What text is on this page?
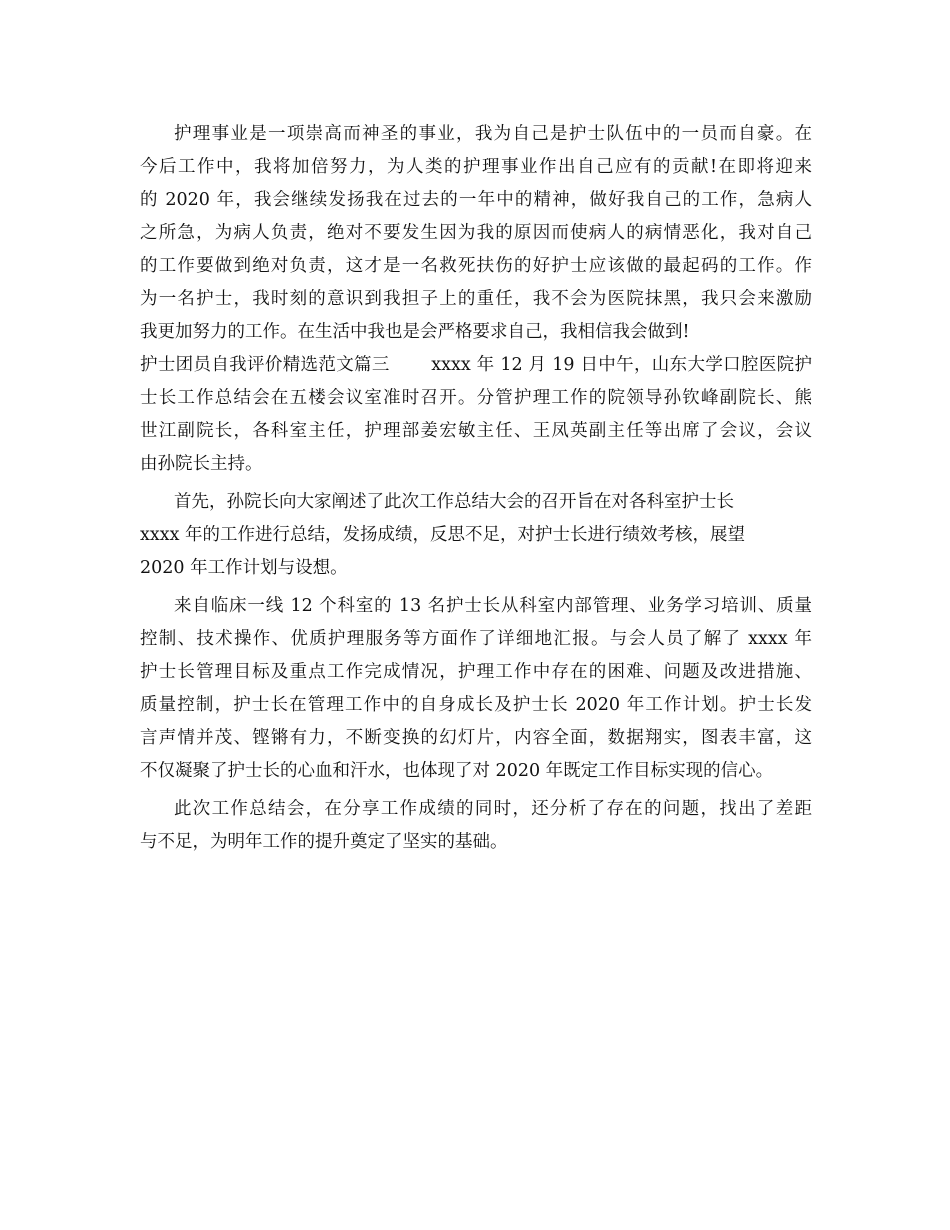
护理事业是一项崇高而神圣的事业，我为自己是护士队伍中的一员而自豪。在
今后工作中，我将加倍努力，为人类的护理事业作出自己应有的贡献!在即将迎来
的 2020 年，我会继续发扬我在过去的一年中的精神，做好我自己的工作，急病人
之所急，为病人负责，绝对不要发生因为我的原因而使病人的病情恶化，我对自己
的工作要做到绝对负责，这才是一名救死扶伤的好护士应该做的最起码的工作。作
为一名护士，我时刻的意识到我担子上的重任，我不会为医院抹黑，我只会来激励
我更加努力的工作。在生活中我也是会严格要求自己，我相信我会做到!
护士团员自我评价精选范文篇三　　 xxxx 年 12 月 19 日中午，山东大学口腔医院护
士长工作总结会在五楼会议室准时召开。分管护理工作的院领导孙钦峰副院长、熊
世江副院长，各科室主任，护理部姜宏敏主任、王凤英副主任等出席了会议，会议
由孙院长主持。
首先，孙院长向大家阐述了此次工作总结大会的召开旨在对各科室护士长
xxxx 年的工作进行总结，发扬成绩，反思不足，对护士长进行绩效考核，展望
2020 年工作计划与设想。
来自临床一线 12 个科室的 13 名护士长从科室内部管理、业务学习培训、质量
控制、技术操作、优质护理服务等方面作了详细地汇报。与会人员了解了 xxxx 年
护士长管理目标及重点工作完成情况，护理工作中存在的困难、问题及改进措施、
质量控制，护士长在管理工作中的自身成长及护士长 2020 年工作计划。护士长发
言声情并茂、铿锵有力，不断变换的幻灯片，内容全面，数据翔实，图表丰富，这
不仅凝聚了护士长的心血和汗水，也体现了对 2020 年既定工作目标实现的信心。
此次工作总结会，在分享工作成绩的同时，还分析了存在的问题，找出了差距
与不足，为明年工作的提升奠定了坚实的基础。
